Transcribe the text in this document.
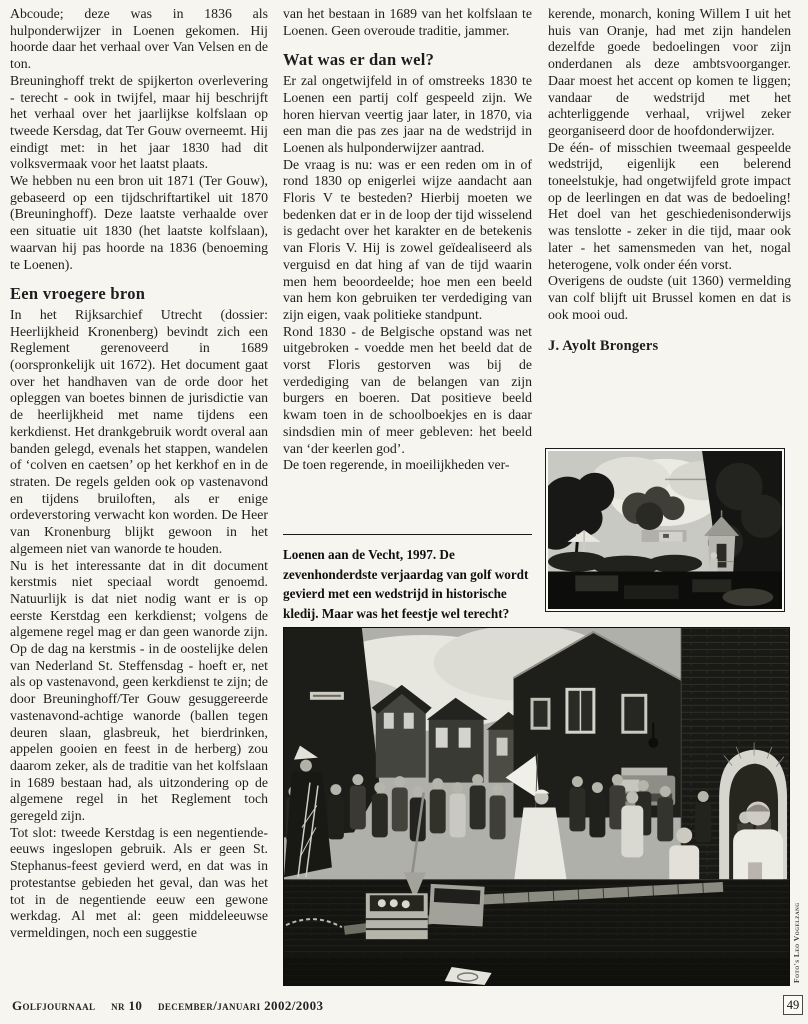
Abcoude; deze was in 1836 als hulponderwijzer in Loenen gekomen. Hij hoorde daar het verhaal over Van Velsen en de ton.

Breuninghoff trekt de spijkerton overlevering - terecht - ook in twijfel, maar hij beschrijft het verhaal over het jaarlijkse kolfslaan op tweede Kersdag, dat Ter Gouw overneemt. Hij eindigt met: in het jaar 1830 had dit volksvermaak voor het laatst plaats.

We hebben nu een bron uit 1871 (Ter Gouw), gebaseerd op een tijdschriftartikel uit 1870 (Breuninghoff). Deze laatste verhaalde over een situatie uit 1830 (het laatste kolfslaan), waarvan hij pas hoorde na 1836 (benoeming te Loenen).

Een vroegere bron

In het Rijksarchief Utrecht (dossier: Heerlijkheid Kronenberg) bevindt zich een Reglement gerenoveerd in 1689 (oorspronkelijk uit 1672). Het document gaat over het handhaven van de orde door het opleggen van boetes binnen de jurisdictie van de heerlijkheid met name tijdens een kerkdienst. Het drankgebruik wordt overal aan banden gelegd, evenals het stappen, wandelen of ‘colven en caetsen’ op het kerkhof en in de straten. De regels gelden ook op vastenavond en tijdens bruiloften, als er enige ordeverstoring verwacht kon worden. De Heer van Kronenburg blijkt gewoon in het algemeen niet van wanorde te houden.

Nu is het interessante dat in dit document kerstmis niet speciaal wordt genoemd. Natuurlijk is dat niet nodig want er is op eerste Kerstdag een kerkdienst; volgens de algemene regel mag er dan geen wanorde zijn. Op de dag na kerstmis - in de oostelijke delen van Nederland St. Steffensdag - hoeft er, net als op vastenavond, geen kerkdienst te zijn; de door Breuninghoff/Ter Gouw gesuggereerde vastenavond-achtige wanorde (ballen tegen deuren slaan, glasbreuk, het bierdrinken, appelen gooien en feest in de herberg) zou daarom zeker, als de traditie van het kolfslaan in 1689 bestaan had, als uitzondering op de algemene regel in het Reglement toch geregeld zijn.

Tot slot: tweede Kerstdag is een negentiende-eeuws ingeslopen gebruik. Als er geen St. Stephanus-feest gevierd werd, en dat was in protestantse gebieden het geval, dan was het tot in de negentiende eeuw een gewone werkdag. Al met al: geen middeleeuwse vermeldingen, noch een suggestie

van het bestaan in 1689 van het kolfslaan te Loenen. Geen overoude traditie, jammer.

Wat was er dan wel?

Er zal ongetwijfeld in of omstreeks 1830 te Loenen een partij colf gespeeld zijn. We horen hiervan veertig jaar later, in 1870, via een man die pas zes jaar na de wedstrijd in Loenen als hulponderwijzer aantrad.

De vraag is nu: was er een reden om in of rond 1830 op enigerlei wijze aandacht aan Floris V te besteden? Hierbij moeten we bedenken dat er in de loop der tijd wisselend is gedacht over het karakter en de betekenis van Floris V. Hij is zowel geïdealiseerd als verguisd en dat hing af van de tijd waarin men hem beoordeelde; hoe men een beeld van hem kon gebruiken ter verdediging van zijn eigen, vaak politieke standpunt.

Rond 1830 - de Belgische opstand was net uitgebroken - voedde men het beeld dat de vorst Floris gestorven was bij de verdediging van de belangen van zijn burgers en boeren. Dat positieve beeld kwam toen in de schoolboekjes en is daar sindsdien min of meer gebleven: het beeld van ‘der keerlen god’.

De toen regerende, in moeilijkheden ver-

kerende, monarch, koning Willem I uit het huis van Oranje, had met zijn handelen dezelfde goede bedoelingen voor zijn onderdanen als deze ambtsvoorganger. Daar moest het accent op komen te liggen; vandaar de wedstrijd met het achterliggende verhaal, vrijwel zeker georganiseerd door de hoofdonderwijzer.

De één- of misschien tweemaal gespeelde wedstrijd, eigenlijk een belerend toneelstukje, had ongetwijfeld grote impact op de leerlingen en dat was de bedoeling! Het doel van het geschiedenisonderwijs was tenslotte - zeker in die tijd, maar ook later - het samensmeden van het, nogal heterogene, volk onder één vorst.

Overigens de oudste (uit 1360) vermelding van colf blijft uit Brussel komen en dat is ook mooi oud.

J. Ayolt Brongers
Loenen aan de Vecht, 1997. De zevenhonderdste verjaardag van golf wordt gevierd met een wedstrijd in historische kledij. Maar was het feestje wel terecht?
Foto's Leo Vogelzang
Golfjournaal nr 10 december/januari 2002/2003	49
